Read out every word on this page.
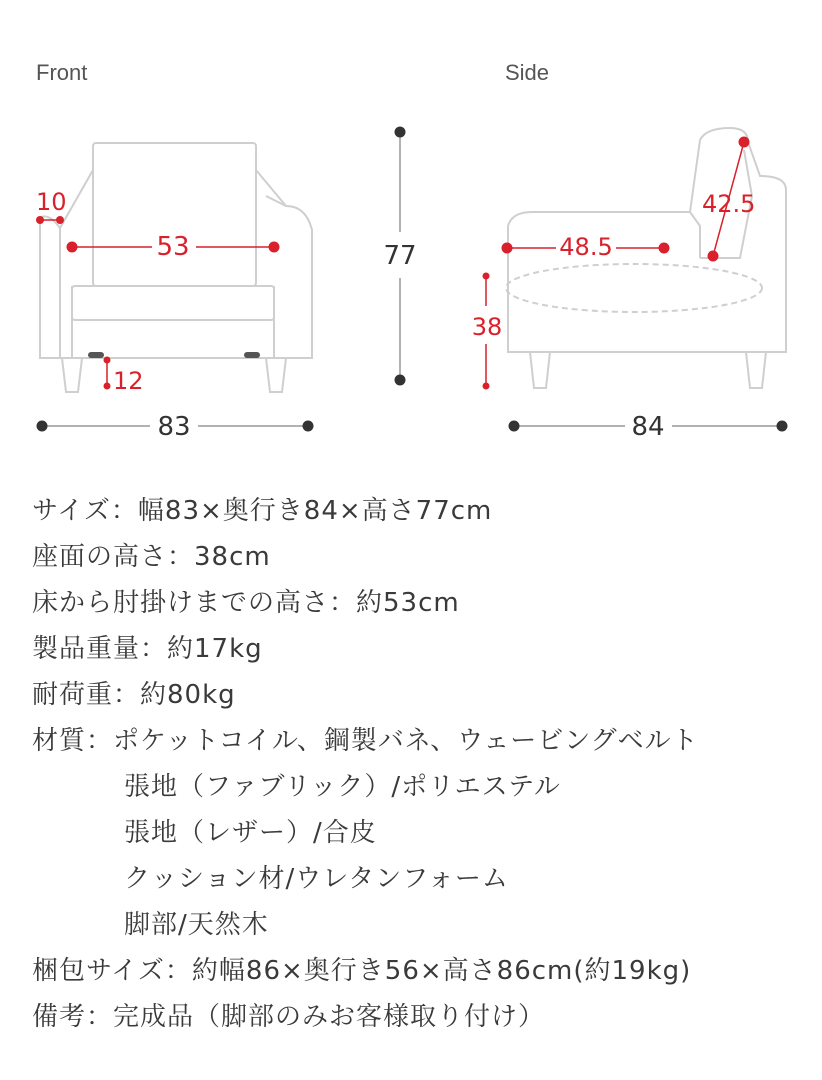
Front	Side
10
53
12
83
77
42.5
48.5
38
84
サイズ：幅83×奥行き84×高さ77cm
座面の高さ：38cm
床から肘掛けまでの高さ：約53cm
製品重量：約17kg
耐荷重：約80kg
材質：ポケットコイル、鋼製バネ、ウェービングベルト
張地（ファブリック）/ポリエステル
張地（レザー）/合皮
クッション材/ウレタンフォーム
脚部/天然木
梱包サイズ：約幅86×奥行き56×高さ86cm(約19kg)
備考：完成品（脚部のみお客様取り付け）
